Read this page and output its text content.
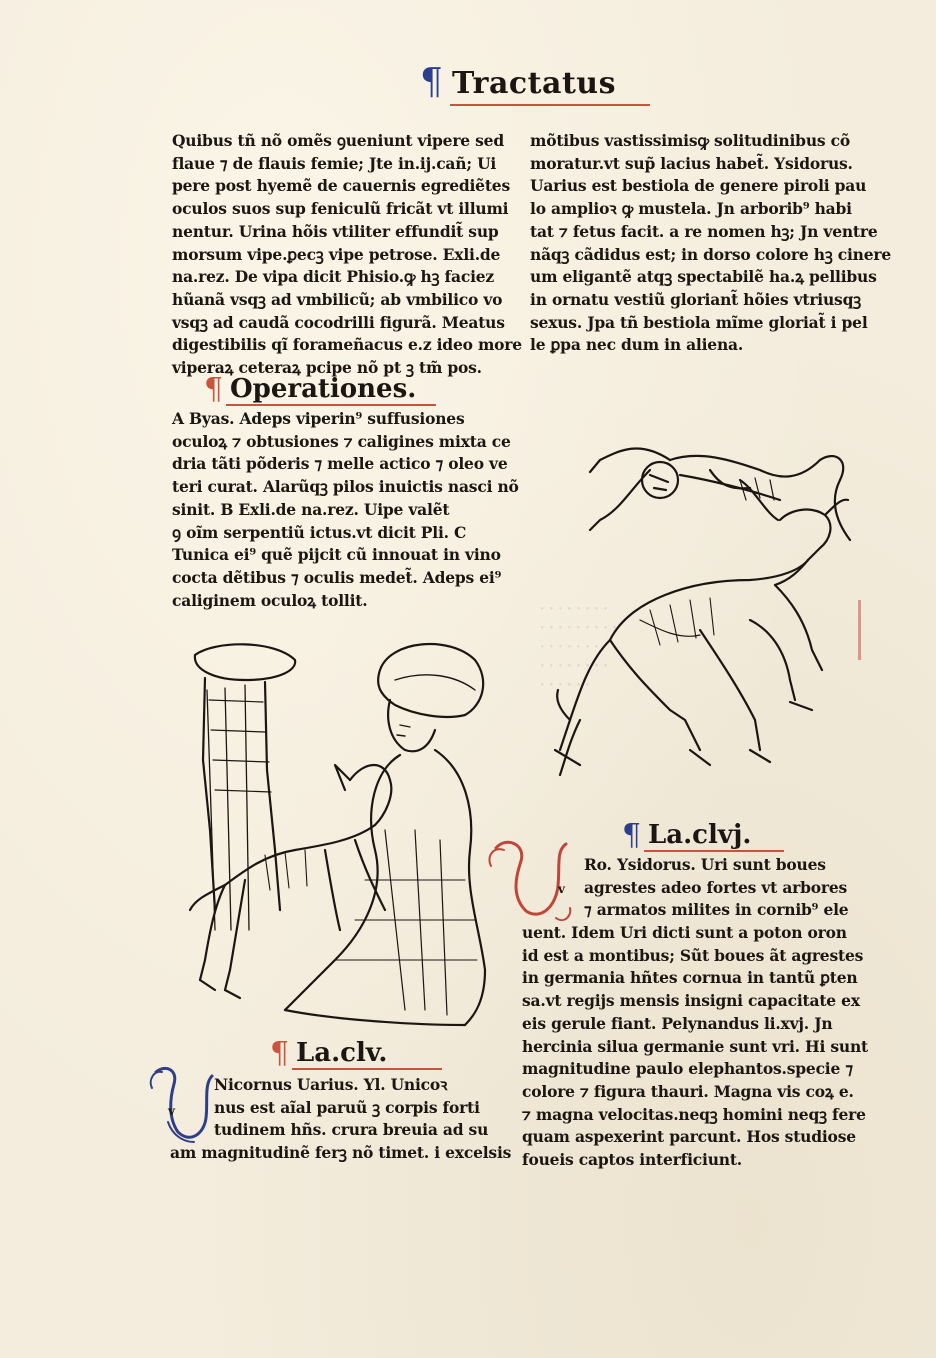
· · · · · · · ·
· · · · · · · · ·
· · · · · · ·
· · · · · · · ·
· · · · · ·
¶ Tractatus
Quibus tñ nõ omẽs ꝯueniunt vipere sed
flaue ⁊ de flauis femie; Jte in.ij.cañ; Ui
pere post hyemẽ de cauernis egrediẽtes
oculos suos sup feniculũ fricãt vt illumi
nentur. Urina hõis vtiliter effundit̃ sup
morsum vipe.ꝑecꝫ vipe petrose. Exli.de
na.rez. De vipa dicit Phisio.ꝙ hꝫ faciez
hũanã vsqꝫ ad vmbilicũ; ab vmbilico vo
vsqꝫ ad caudã cocodrilli figurã. Meatus
digestibilis qĩ forameñacus e.z ideo more
viperaꝝ ceteraꝝ pcipe nõ pt ꝫ tm̃ pos.
¶ Operationes.
A Byas. Adeps viperin⁹ suffusiones
oculoꝝ ⁊ obtusiones ⁊ caligines mixta ce
dria tãti põderis ⁊ melle actico ⁊ oleo ve
teri curat. Alarũqꝫ pilos inuictis nasci nõ
sinit. B Exli.de na.rez. Uipe valẽt
ꝯ oĩm serpentiũ ictus.vt dicit Pli. C
Tunica ei⁹ quẽ pijcit cũ innouat in vino
cocta dẽtibus ⁊ oculis medet̃. Adeps ei⁹
caliginem oculoꝝ tollit.
mõtibus vastissimisꝙ solitudinibus cõ
moratur.vt sup̃ lacius habet̃. Ysidorus.
Uarius est bestiola de genere piroli pau
lo amplioꝛ ꝙ mustela. Jn arborib⁹ habi
tat ⁊ fetus facit. a re nomen hꝫ; Jn ventre
nãqꝫ cãdidus est; in dorso colore hꝫ cinere
um eligantẽ atqꝫ spectabilẽ ha.ꝝ pellibus
in ornatu vestiũ gloriant̃ hõies vtriusqꝫ
sexus. Jpa tñ bestiola mĩme gloriat̃ i pel
le ꝑpa nec dum in aliena.
¶ La.clvj.
v
Ro. Ysidorus. Uri sunt boues
agrestes adeo fortes vt arbores
⁊ armatos milites in cornib⁹ ele
uent. Idem Uri dicti sunt a poton oron
id est a montibus; Sũt boues ãt agrestes
in germania hñtes cornua in tantũ ꝑten
sa.vt regijs mensis insigni capacitate ex
eis gerule fiant. Pelynandus li.xvj. Jn
hercinia silua germanie sunt vri. Hi sunt
magnitudine paulo elephantos.specie ⁊
colore ⁊ figura thauri. Magna vis coꝝ e.
⁊ magna velocitas.neqꝫ homini neqꝫ fere
quam aspexerint parcunt. Hos studiose
foueis captos interficiunt.
¶ La.clv.
v
Nicornus Uarius. Yl. Unicoꝛ
nus est aĩal paruũ ꝫ corpis forti
tudinem hñs. crura breuia ad su
am magnitudinẽ ferꝫ nõ timet. i excelsis
